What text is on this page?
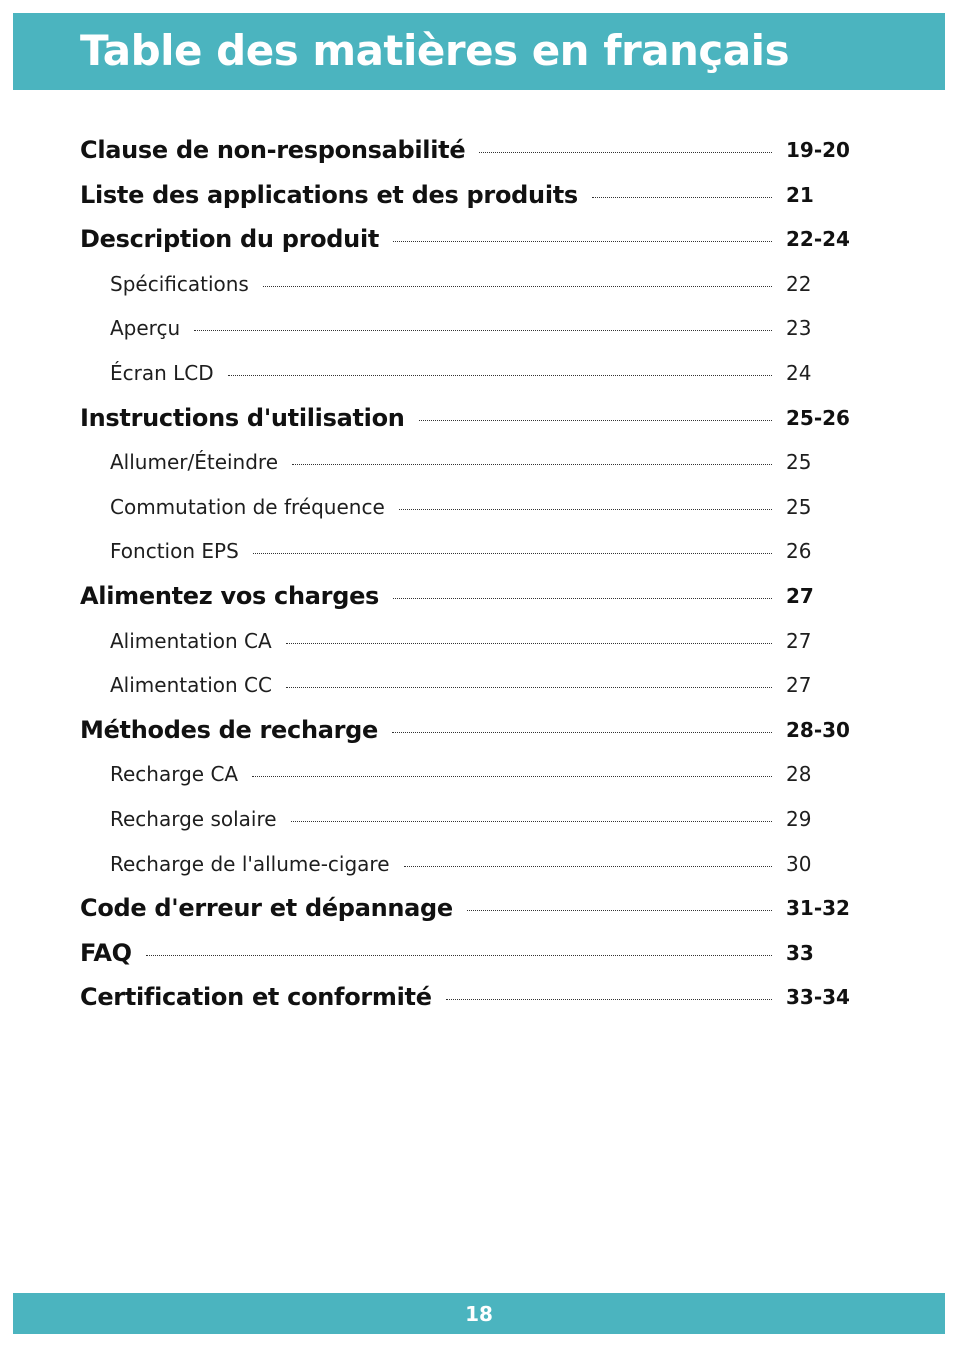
Table des matières en français
Clause de non-responsabilité	19-20
Liste des applications et des produits	21
Description du produit	22-24
Spécifications	22
Aperçu	23
Écran LCD	24
Instructions d'utilisation	25-26
Allumer/Éteindre	25
Commutation de fréquence	25
Fonction EPS	26
Alimentez vos charges	27
Alimentation CA	27
Alimentation CC	27
Méthodes de recharge	28-30
Recharge CA	28
Recharge solaire	29
Recharge de l'allume-cigare	30
Code d'erreur et dépannage	31-32
FAQ	33
Certification et conformité	33-34
18
